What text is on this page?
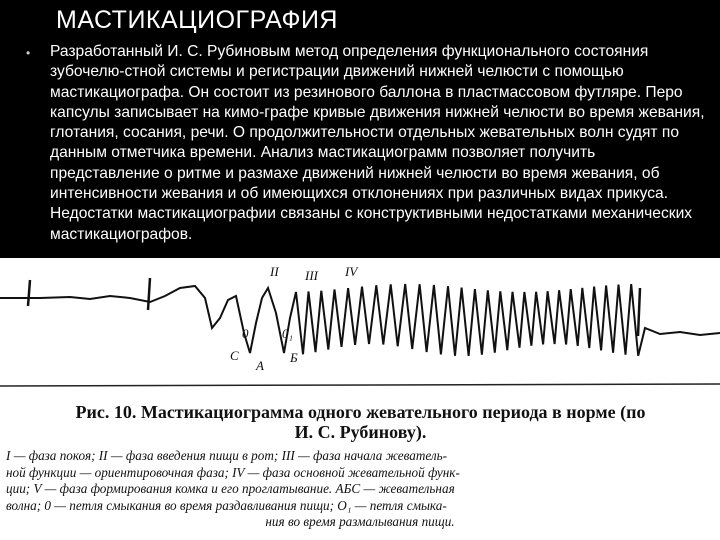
МАСТИКАЦИОГРАФИЯ
• Разработанный И. С. Рубиновым метод определения функционального состояния зубочелю-стной системы и регистрации движений нижней челюсти с помощью мастикациографа. Он состоит из резинового баллона в пластмассовом футляре. Перо капсулы записывает на кимо-графе кривые движения нижней челюсти во время жевания, глотания, сосания, речи. О продолжительности отдельных жевательных волн судят по данным отметчика времени. Анализ мастикациограмм позволяет получить представление о ритме и размахе движений нижней челюсти во время жевания, об интенсивности жевания и об имеющихся отклонениях при различных видах прикуса. Недостатки мастикациографии связаны с конструктивными недостатками механических мастикациографов.
II III IV
С
А
Б
0	0₁
Рис. 10. Мастикациограмма одного жевательного периода в норме (по
И. С. Рубинову).
I — фаза покоя; II — фаза введения пищи в рот; III — фаза начала жеватель-
ной функции — ориентировочная фаза; IV — фаза основной жевательной функ-
ции; V — фаза формирования комка и его проглатывание. АБС — жевательная
волна; 0 — петля смыкания во время раздавливания пищи; O₁ — петля смыка-
ния во время размалывания пищи.
